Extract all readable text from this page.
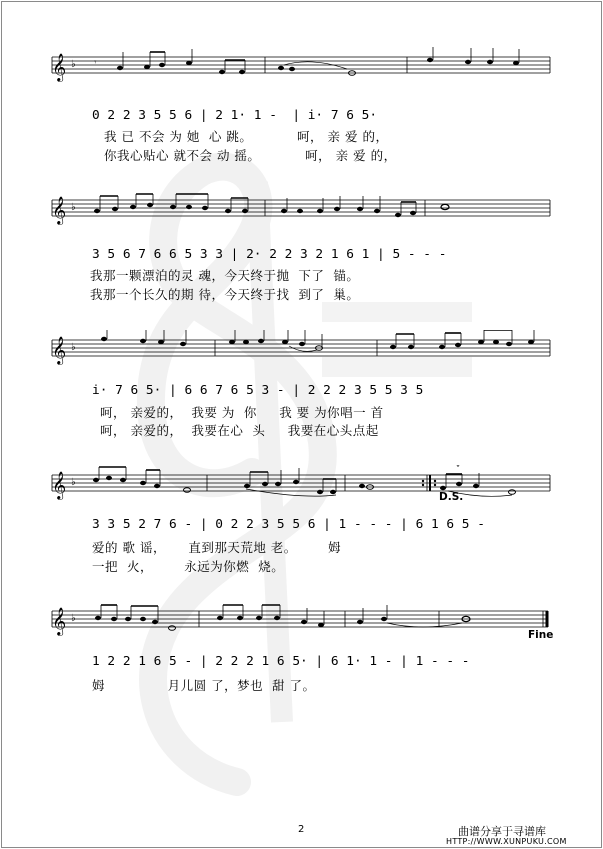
𝄞 ♭ 𝄾
0 2 2 3 5 5 6 | 2 1· 1 -  | i· 7 6 5·
我 已 不会 为 她  心 跳。          呵， 亲 爱 的，
你我心贴心 就不会 动 摇。          呵， 亲 爱 的，
𝄞 ♭
3 5 6 7 6 6 5 3 3 | 2· 2 2 3 2 1 6 1 | 5 - - -
我那一颗漂泊的灵 魂，今天终于抛  下了  锚。
我那一个长久的期 待，今天终于找  到了  巢。
𝄞 ♭
i· 7 6 5· | 6 6 7 6 5 3 - | 2 2 2 3 5 5 3 5
呵， 亲爱的，  我要 为  你     我 要 为你唱一 首
呵， 亲爱的，  我要在心  头     我要在心头点起
𝄞 ♭
D.S.
3 3 5 2 7 6 - | 0 2 2 3 5 5 6 | 1 - - - | 6 1 6 5 -
爱的 歌 谣，     直到那天荒地 老。       姆
一把  火，       永远为你燃  烧。
𝄞 ♭
Fine
1 2 2 1 6 5 - | 2 2 2 1 6 5· | 6 1· 1 - | 1 - - -
姆              月儿圆 了，梦也  甜 了。
2	曲谱分享于寻谱库
HTTP://WWW.XUNPUKU.COM
